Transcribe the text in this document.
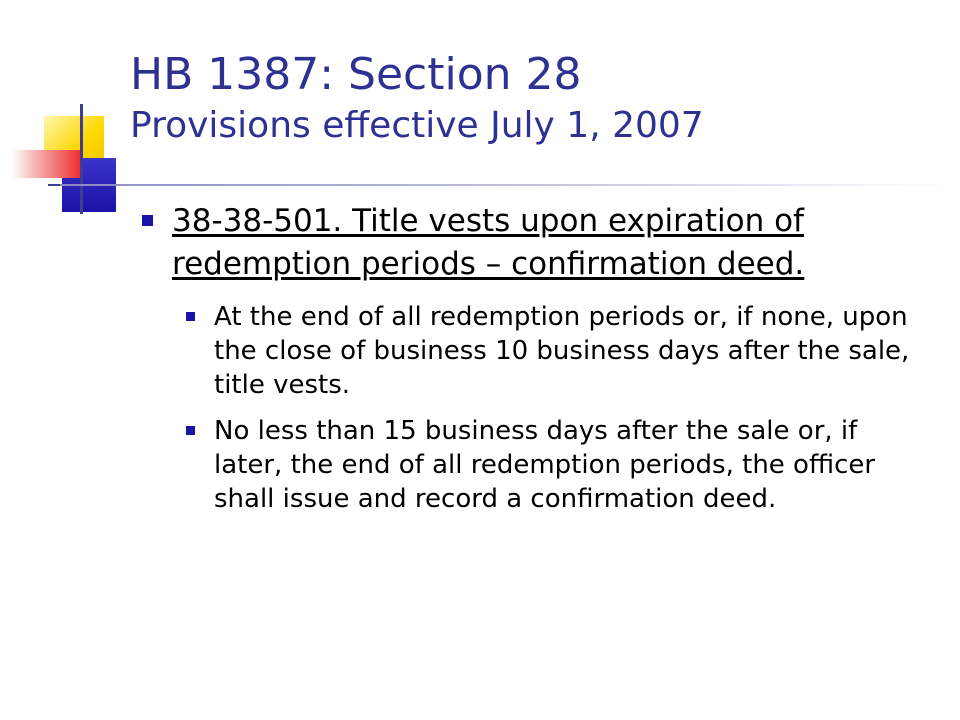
HB 1387: Section 28
Provisions effective July 1, 2007
38-38-501. Title vests upon expiration of redemption periods – confirmation deed.
At the end of all redemption periods or, if none, upon the close of business 10 business days after the sale, title vests.
No less than 15 business days after the sale or, if later, the end of all redemption periods, the officer shall issue and record a confirmation deed.
